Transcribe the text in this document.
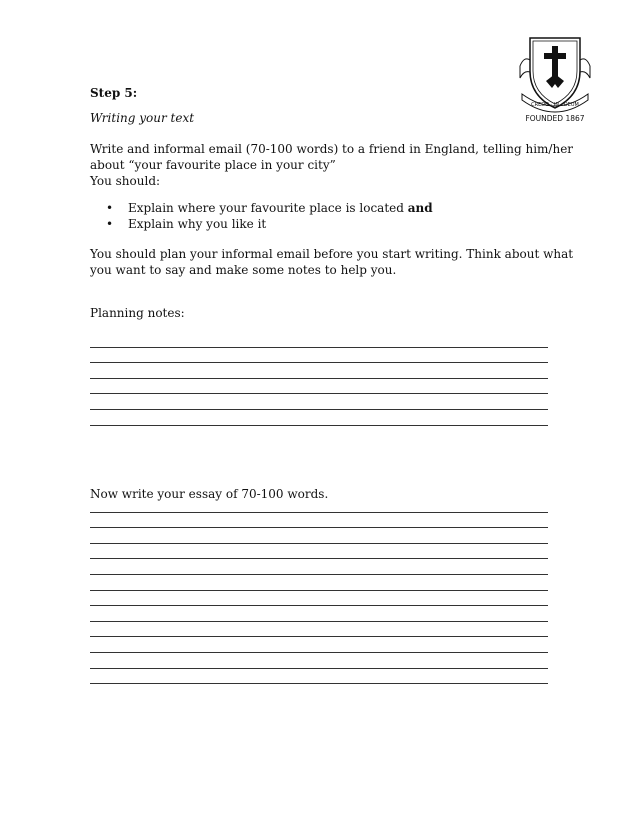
CREDO · IN · DEUM
FOUNDED 1867
Step 5:
Writing your text
Write and informal email (70-100 words) to a friend in England, telling him/her
about “your favourite place in your city”
You should:
• Explain where your favourite place is located and
• Explain why you like it
You should plan your informal email before you start writing. Think about what
you want to say and make some notes to help you.
Planning notes:
Now write your essay of 70-100 words.
